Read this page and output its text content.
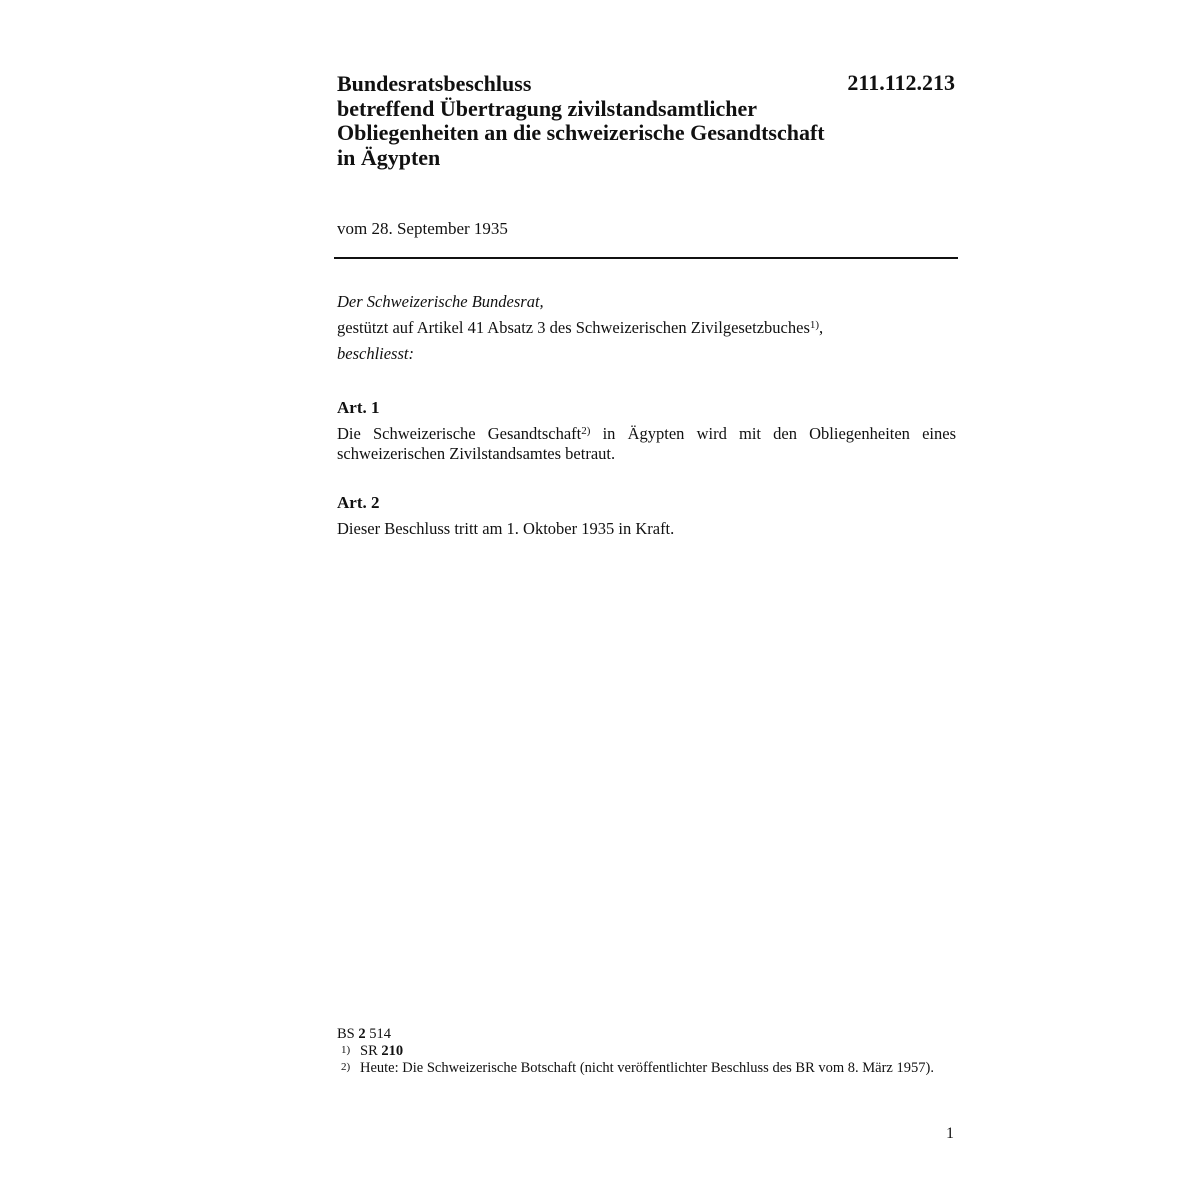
Bundesratsbeschluss

betreffend Übertragung zivilstandsamtlicher

Obliegenheiten an die schweizerische Gesandtschaft

in Ägypten

211.112.213
vom 28. September 1935

Der Schweizerische Bundesrat,

gestützt auf Artikel 41 Absatz 3 des Schweizerischen Zivilgesetzbuches$^{1)}$,

beschliesst:

Art. 1

Die Schweizerische Gesandtschaft$^{2)}$ in Ägypten wird mit den Obliegenheiten eines schweizerischen Zivilstandsamtes betraut.

Art. 2

Dieser Beschluss tritt am 1. Oktober 1935 in Kraft.

BS 2 514

1) SR 210
2) Heute: Die Schweizerische Botschaft (nicht veröffentlichter Beschluss des BR vom 8. März 1957).
1
